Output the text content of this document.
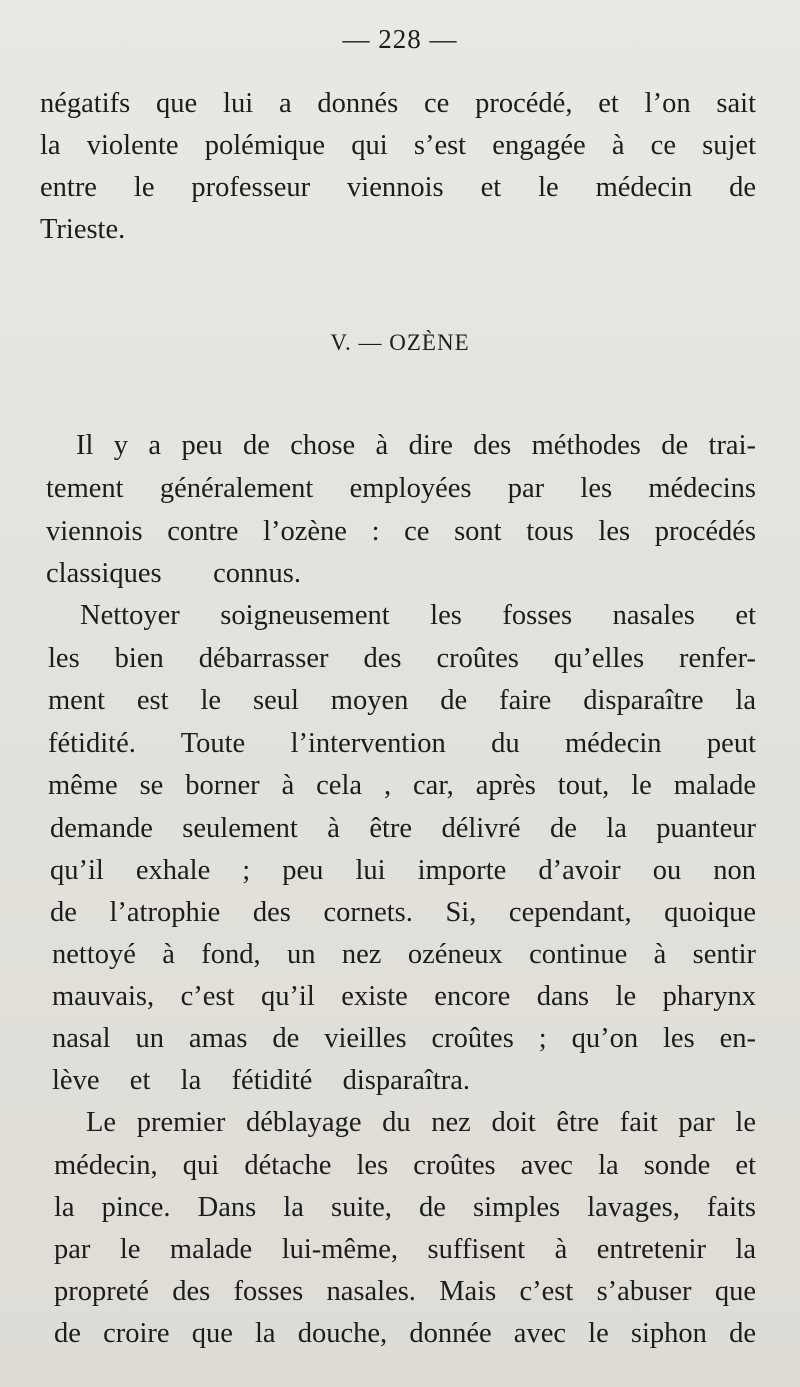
— 228 —
négatifs que lui a donnés ce procédé, et l’on sait
la violente polémique qui s’est engagée à ce sujet
entre le professeur viennois et le médecin de
Trieste.
V. — OZÈNE
Il y a peu de chose à dire des méthodes de trai-
tement généralement employées par les médecins
viennois contre l’ozène : ce sont tous les procédés
classiques connus.
Nettoyer soigneusement les fosses nasales et
les bien débarrasser des croûtes qu’elles renfer-
ment est le seul moyen de faire disparaître la
fétidité. Toute l’intervention du médecin peut
même se borner à cela , car, après tout, le malade
demande seulement à être délivré de la puanteur
qu’il exhale ; peu lui importe d’avoir ou non
de l’atrophie des cornets. Si, cependant, quoique
nettoyé à fond, un nez ozéneux continue à sentir
mauvais, c’est qu’il existe encore dans le pharynx
nasal un amas de vieilles croûtes ; qu’on les en-
lève et la fétidité disparaîtra.
Le premier déblayage du nez doit être fait par le
médecin, qui détache les croûtes avec la sonde et
la pince. Dans la suite, de simples lavages, faits
par le malade lui-même, suffisent à entretenir la
propreté des fosses nasales. Mais c’est s’abuser que
de croire que la douche, donnée avec le siphon de
